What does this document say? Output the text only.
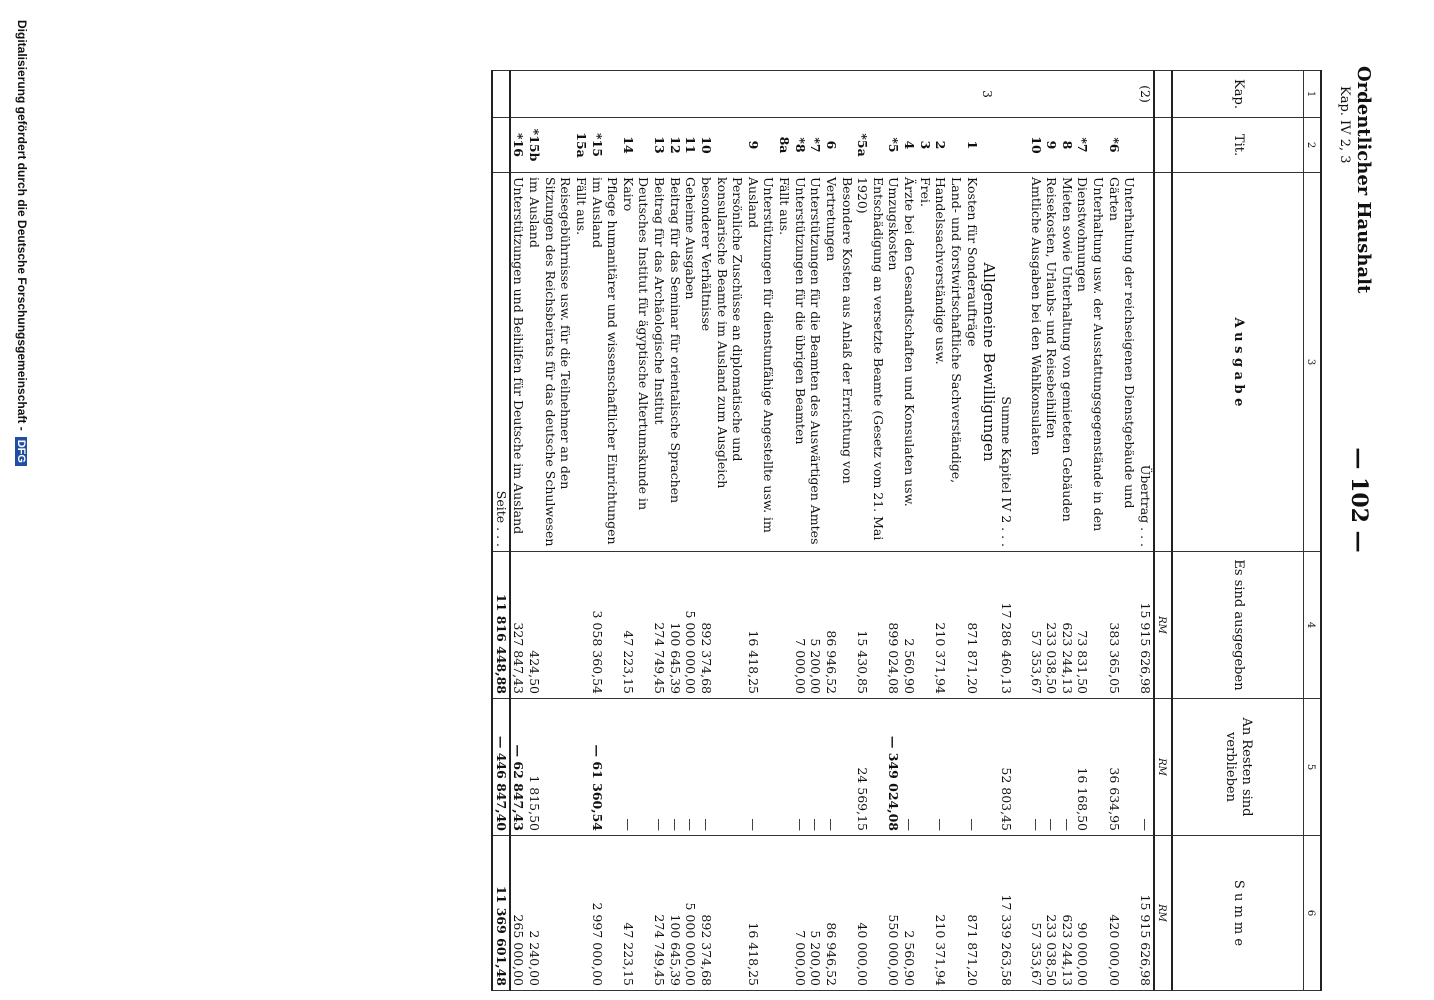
Ordentlicher Haushalt
Kap. IV 2, 3
— 102 —
1	2	3	4	5	6
Kap.	Tit.	A u s g a b e	Es sind ausgegeben	An Resten sind verblieben	S u m m e
			RM	RM	RM
(2)		Übertrag . . .	15 915 626,98	—	15 915 626,98
	*6	Unterhaltung der reichseigenen Dienstgebäude und Gärten	383 365,05	36 634,95	420 000,00
	*7	Unterhaltung usw. der Ausstattungsgegenstände in den Dienstwohnungen	73 831,50	16 168,50	90 000,00
	8	Mieten sowie Unterhaltung von gemieteten Gebäuden	623 244,13	—	623 244,13
	9	Reisekosten, Urlaubs- und Reisebeihilfen	233 038,50	—	233 038,50
	10	Amtliche Ausgaben bei den Wahlkonsulaten	57 353,67	—	57 353,67

		Summe Kapitel IV 2 . . .	17 286 460,13	52 803,45	17 339 263,58
3		Allgemeine Bewilligungen			
	1	Kosten für Sonderaufträge	871 871,20	—	871 871,20
	2	Land- und forstwirtschaftliche Sachverständige, Handelssachverständige usw.	210 371,94	—	210 371,94
	3	Frei.			
	4	Ärzte bei den Gesandtschaften und Konsulaten usw.	2 560,90	—	2 560,90
	*5	Umzugskosten	899 024,08	— 349 024,08	550 000,00
	*5a	Entschädigung an versetzte Beamte (Gesetz vom 21. Mai 1920)	15 430,85	24 569,15	40 000,00
	6	Besondere Kosten aus Anlaß der Errichtung von Vertretungen	86 946,52	—	86 946,52
	*7	Unterstützungen für die Beamten des Auswärtigen Amtes	5 200,00	—	5 200,00
	*8	Unterstützungen für die übrigen Beamten	7 000,00	—	7 000,00
	8a	Fällt aus.			
	9	Unterstützungen für dienstunfähige Angestellte usw. im Ausland	16 418,25	—	16 418,25
	10	Persönliche Zuschüsse an diplomatische und konsularische Beamte im Ausland zum Ausgleich besonderer Verhältnisse	892 374,68	—	892 374,68
	11	Geheime Ausgaben	5 000 000,00	—	5 000 000,00
	12	Beitrag für das Seminar für orientalische Sprachen	100 645,39	—	100 645,39
	13	Beitrag für das Archäologische Institut	274 749,45	—	274 749,45
	14	Deutsches Institut für ägyptische Altertumskunde in Kairo	47 223,15	—	47 223,15
	*15	Pflege humanitärer und wissenschaftlicher Einrichtungen im Ausland	3 058 360,54	— 61 360,54	2 997 000,00
	15a	Fällt aus.			
	*15b	Reisegebührnisse usw. für die Teilnehmer an den Sitzungen des Reichsbeirats für das deutsche Schulwesen im Ausland	424,50	1 815,50	2 240,00
	*16	Unterstützungen und Beihilfen für Deutsche im Ausland	327 847,43	— 62 847,43	265 000,00
		Seite . . .	11 816 448,88	— 446 847,40	11 369 601,48
Digitalisierung gefördert durch die Deutsche Forschungsgemeinschaft -DFG
